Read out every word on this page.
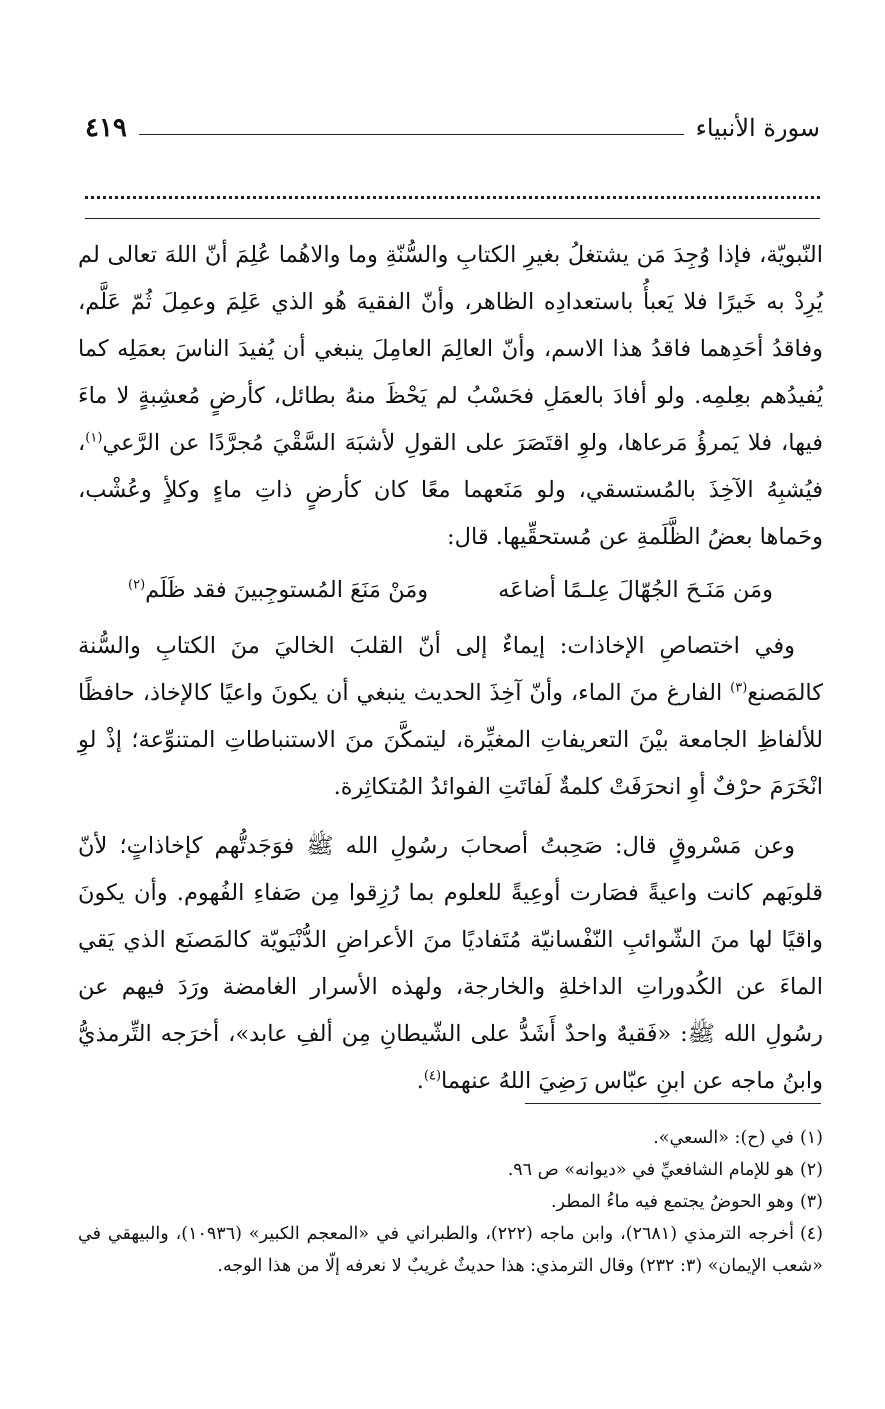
سورة الأنبياء
٤١٩

النّبويّة، فإذا وُجِدَ مَن يشتغلُ بغيرِ الكتابِ والسُّنّةِ وما والاهُما عُلِمَ أنّ اللهَ تعالى لم يُرِدْ به خَيرًا فلا يَعبأُ باستعدادِه الظاهر، وأنّ الفقيهَ هُو الذي عَلِمَ وعمِلَ ثُمّ عَلَّم، وفاقدُ أحَدِهما فاقدُ هذا الاسم، وأنّ العالِمَ العامِلَ ينبغي أن يُفيدَ الناسَ بعمَلِه كما يُفيدُهم بعِلمِه. ولو أفادَ بالعمَلِ فحَسْبُ لم يَحْظَ منهُ بطائل، كأرضٍ مُعشِبةٍ لا ماءَ فيها، فلا يَمرؤُ مَرعاها، ولوِ اقتَصَرَ على القولِ لأشبَهَ السَّقْيَ مُجرَّدًا عن الرَّعي$^{(١)}$، فيُشبِهُ الآخِذَ بالمُستسقي، ولو مَنَعهما معًا كان كأرضٍ ذاتِ ماءٍ وكلأٍ وعُشْب، وحَماها بعضُ الظَّلَمةِ عن مُستحقِّيها. قال:

ومَن مَنَـحَ الجُهّالَ عِلـمًا أضاعَه
ومَنْ مَنَعَ المُستوجِبينَ فقد ظَلَم$^{(٢)}$

وفي اختصاصِ الإخاذات: إيماءٌ إلى أنّ القلبَ الخاليَ منَ الكتابِ والسُّنة كالمَصنع$^{(٣)}$ الفارغ منَ الماء، وأنّ آخِذَ الحديث ينبغي أن يكونَ واعيًا كالإخاذ، حافظًا للألفاظِ الجامعة بيْنَ التعريفاتِ المغيِّرة، ليتمكَّنَ منَ الاستنباطاتِ المتنوِّعة؛ إذْ لوِ انْخَرَمَ حرْفٌ أوِ انحرَفَتْ كلمةٌ لَفاتَتِ الفوائدُ المُتكاثِرة.

وعن مَسْروقٍ قال: صَحِبتُ أصحابَ رسُولِ الله ﷺ فوَجَدتُّهم كإخاذاتٍ؛ لأنّ قلوبَهم كانت واعيةً فصَارت أوعِيةً للعلوم بما رُزِقوا مِن صَفاءِ الفُهوم. وأن يكونَ واقيًا لها منَ الشّوائبِ النّفْسانيّة مُتَفاديًا منَ الأعراضِ الدُّنْيَويّة كالمَصنَع الذي يَقي الماءَ عن الكُدوراتِ الداخلةِ والخارجة، ولهذه الأسرار الغامضة ورَدَ فيهم عن رسُولِ الله ﷺ: «فَقيهٌ واحدٌ أَشَدُّ على الشّيطانِ مِن ألفِ عابد»، أخرَجه التِّرمذيُّ وابنُ ماجه عن ابنِ عبّاس رَضِيَ اللهُ عنهما$^{(٤)}$.

(١)في (ح): «السعي».

(٢)هو للإمام الشافعيِّ في «ديوانه» ص ٩٦.

(٣)وهو الحوضُ يجتمع فيه ماءُ المطر.

(٤)أخرجه الترمذي (٢٦٨١)، وابن ماجه (٢٢٢)، والطبراني في «المعجم الكبير» (١٠٩٣٦)، والبيهقي في «شعب الإيمان» (٣: ٢٣٢) وقال الترمذي: هذا حديثٌ غريبٌ لا نعرفه إلّا من هذا الوجه.
